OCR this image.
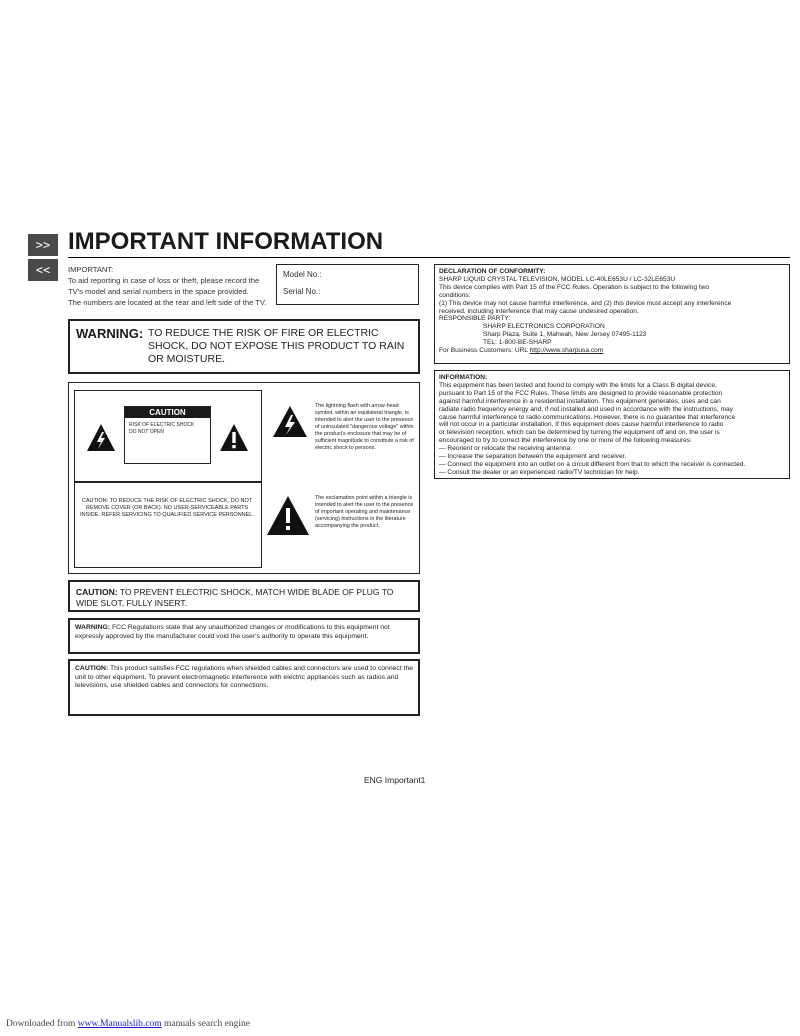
>>
<<
IMPORTANT INFORMATION
IMPORTANT:
To aid reporting in case of loss or theft, please record the
TV's model and serial numbers in the space provided.
The numbers are located at the rear and left side of the TV.
Model No.:
Serial No.:
WARNING: TO REDUCE THE RISK OF FIRE OR ELECTRIC SHOCK, DO NOT EXPOSE THIS PRODUCT TO RAIN OR MOISTURE.
CAUTION
RISK OF ELECTRIC SHOCK
DO NOT OPEN
CAUTION: TO REDUCE THE RISK OF ELECTRIC SHOCK, DO NOT REMOVE COVER (OR BACK). NO USER-SERVICEABLE PARTS INSIDE. REFER SERVICING TO QUALIFIED SERVICE PERSONNEL.
The lightning flash with arrow-head symbol, within an equilateral triangle, is intended to alert the user to the presence of uninsulated "dangerous voltage" within the product's enclosure that may be of sufficient magnitude to constitute a risk of electric shock to persons.
The exclamation point within a triangle is intended to alert the user to the presence of important operating and maintenance (servicing) instructions in the literature accompanying the product.
CAUTION: TO PREVENT ELECTRIC SHOCK, MATCH WIDE BLADE OF PLUG TO WIDE SLOT, FULLY INSERT.
WARNING: FCC Regulations state that any unauthorized changes or modifications to this equipment not expressly approved by the manufacturer could void the user's authority to operate this equipment.
CAUTION: This product satisfies FCC regulations when shielded cables and connectors are used to connect the unit to other equipment. To prevent electromagnetic interference with electric appliances such as radios and televisions, use shielded cables and connectors for connections.
DECLARATION OF CONFORMITY:
SHARP LIQUID CRYSTAL TELEVISION, MODEL LC-40LE653U / LC-32LE653U
This device complies with Part 15 of the FCC Rules. Operation is subject to the following two
conditions:
(1) This device may not cause harmful interference, and (2) this device must accept any interference
received, including interference that may cause undesired operation.
RESPONSIBLE PARTY:
SHARP ELECTRONICS CORPORATION
Sharp Plaza, Suite 1, Mahwah, New Jersey 07495-1123
TEL: 1-800-BE-SHARP
For Business Customers: URL http://www.sharpusa.com
INFORMATION:
This equipment has been tested and found to comply with the limits for a Class B digital device,
pursuant to Part 15 of the FCC Rules. These limits are designed to provide reasonable protection
against harmful interference in a residential installation. This equipment generates, uses and can
radiate radio frequency energy and, if not installed and used in accordance with the instructions, may
cause harmful interference to radio communications. However, there is no guarantee that interference
will not occur in a particular installation. If this equipment does cause harmful interference to radio
or television reception, which can be determined by turning the equipment off and on, the user is
encouraged to try to correct the interference by one or more of the following measures:
— Reorient or relocate the receiving antenna.
— Increase the separation between the equipment and receiver.
— Connect the equipment into an outlet on a circuit different from that to which the receiver is connected.
— Consult the dealer or an experienced radio/TV technician for help.
ENG Important1
Downloaded from www.Manualslib.com manuals search engine
